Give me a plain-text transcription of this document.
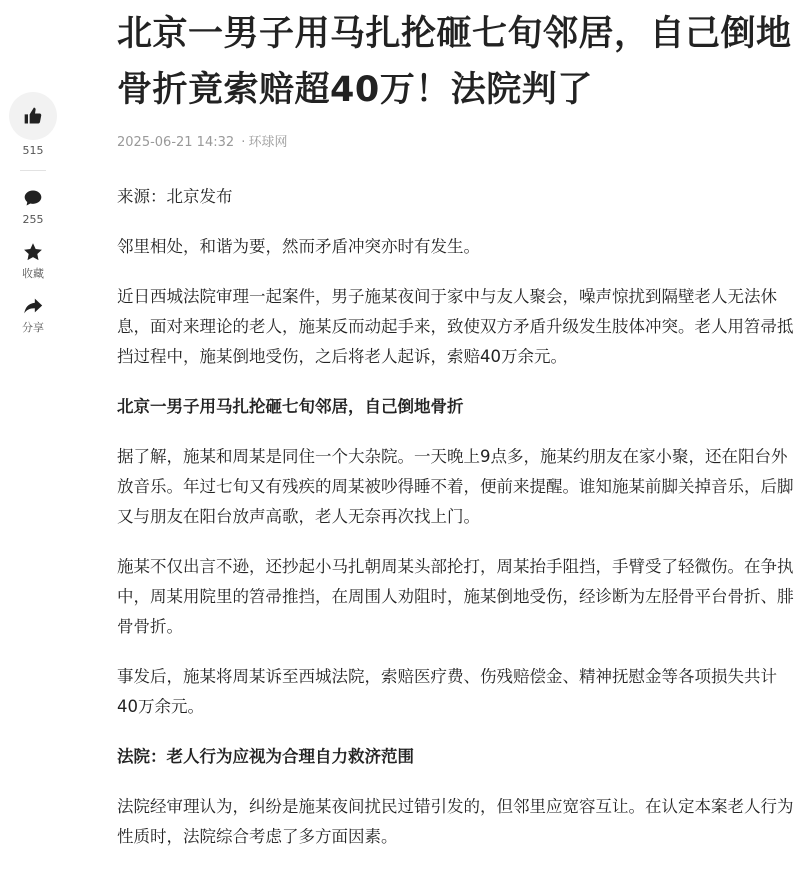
515
255
收藏
分享
北京一男子用马扎抡砸七旬邻居，自己倒地骨折竟索赔超40万！法院判了
2025-06-21 14:32 · 环球网

来源：北京发布

邻里相处，和谐为要，然而矛盾冲突亦时有发生。

近日西城法院审理一起案件，男子施某夜间于家中与友人聚会，噪声惊扰到隔壁老人无法休息，面对来理论的老人，施某反而动起手来，致使双方矛盾升级发生肢体冲突。老人用笤帚抵挡过程中，施某倒地受伤，之后将老人起诉，索赔40万余元。

北京一男子用马扎抡砸七旬邻居，自己倒地骨折

据了解，施某和周某是同住一个大杂院。一天晚上9点多，施某约朋友在家小聚，还在阳台外放音乐。年过七旬又有残疾的周某被吵得睡不着，便前来提醒。谁知施某前脚关掉音乐，后脚又与朋友在阳台放声高歌，老人无奈再次找上门。

施某不仅出言不逊，还抄起小马扎朝周某头部抡打，周某抬手阻挡，手臂受了轻微伤。在争执中，周某用院里的笤帚推挡，在周围人劝阻时，施某倒地受伤，经诊断为左胫骨平台骨折、腓骨骨折。

事发后，施某将周某诉至西城法院，索赔医疗费、伤残赔偿金、精神抚慰金等各项损失共计40万余元。

法院：老人行为应视为合理自力救济范围

法院经审理认为，纠纷是施某夜间扰民过错引发的，但邻里应宽容互让。在认定本案老人行为性质时，法院综合考虑了多方面因素。
